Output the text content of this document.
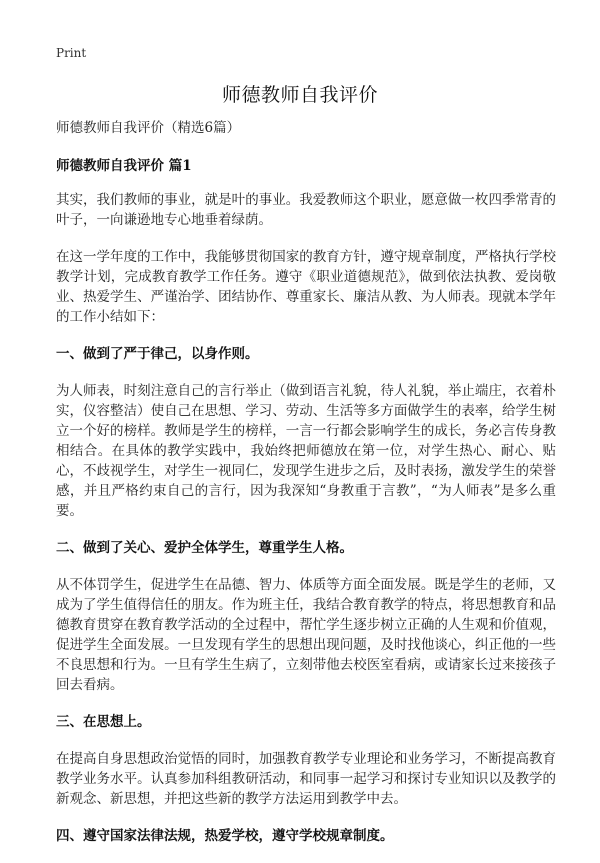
Print

师德教师自我评价

师德教师自我评价（精选6篇）

师德教师自我评价 篇1

其实，我们教师的事业，就是叶的事业。我爱教师这个职业，愿意做一枚四季常青的叶子，一向谦逊地专心地垂着绿荫。

在这一学年度的工作中，我能够贯彻国家的教育方针，遵守规章制度，严格执行学校教学计划，完成教育教学工作任务。遵守《职业道德规范》，做到依法执教、爱岗敬业、热爱学生、严谨治学、团结协作、尊重家长、廉洁从教、为人师表。现就本学年的工作小结如下：

一、做到了严于律己，以身作则。

为人师表，时刻注意自己的言行举止（做到语言礼貌，待人礼貌，举止端庄，衣着朴实，仪容整洁）使自己在思想、学习、劳动、生活等多方面做学生的表率，给学生树立一个好的榜样。教师是学生的榜样，一言一行都会影响学生的成长，务必言传身教相结合。在具体的教学实践中，我始终把师德放在第一位，对学生热心、耐心、贴心，不歧视学生，对学生一视同仁，发现学生进步之后，及时表扬，激发学生的荣誉感，并且严格约束自己的言行，因为我深知“身教重于言教”，“为人师表”是多么重要。

二、做到了关心、爱护全体学生，尊重学生人格。

从不体罚学生，促进学生在品德、智力、体质等方面全面发展。既是学生的老师，又成为了学生值得信任的朋友。作为班主任，我结合教育教学的特点，将思想教育和品德教育贯穿在教育教学活动的全过程中，帮忙学生逐步树立正确的人生观和价值观，促进学生全面发展。一旦发现有学生的思想出现问题，及时找他谈心，纠正他的一些不良思想和行为。一旦有学生生病了，立刻带他去校医室看病，或请家长过来接孩子回去看病。

三、在思想上。

在提高自身思想政治觉悟的同时，加强教育教学专业理论和业务学习，不断提高教育教学业务水平。认真参加科组教研活动，和同事一起学习和探讨专业知识以及教学的新观念、新思想，并把这些新的教学方法运用到教学中去。

四、遵守国家法律法规，热爱学校，遵守学校规章制度。
